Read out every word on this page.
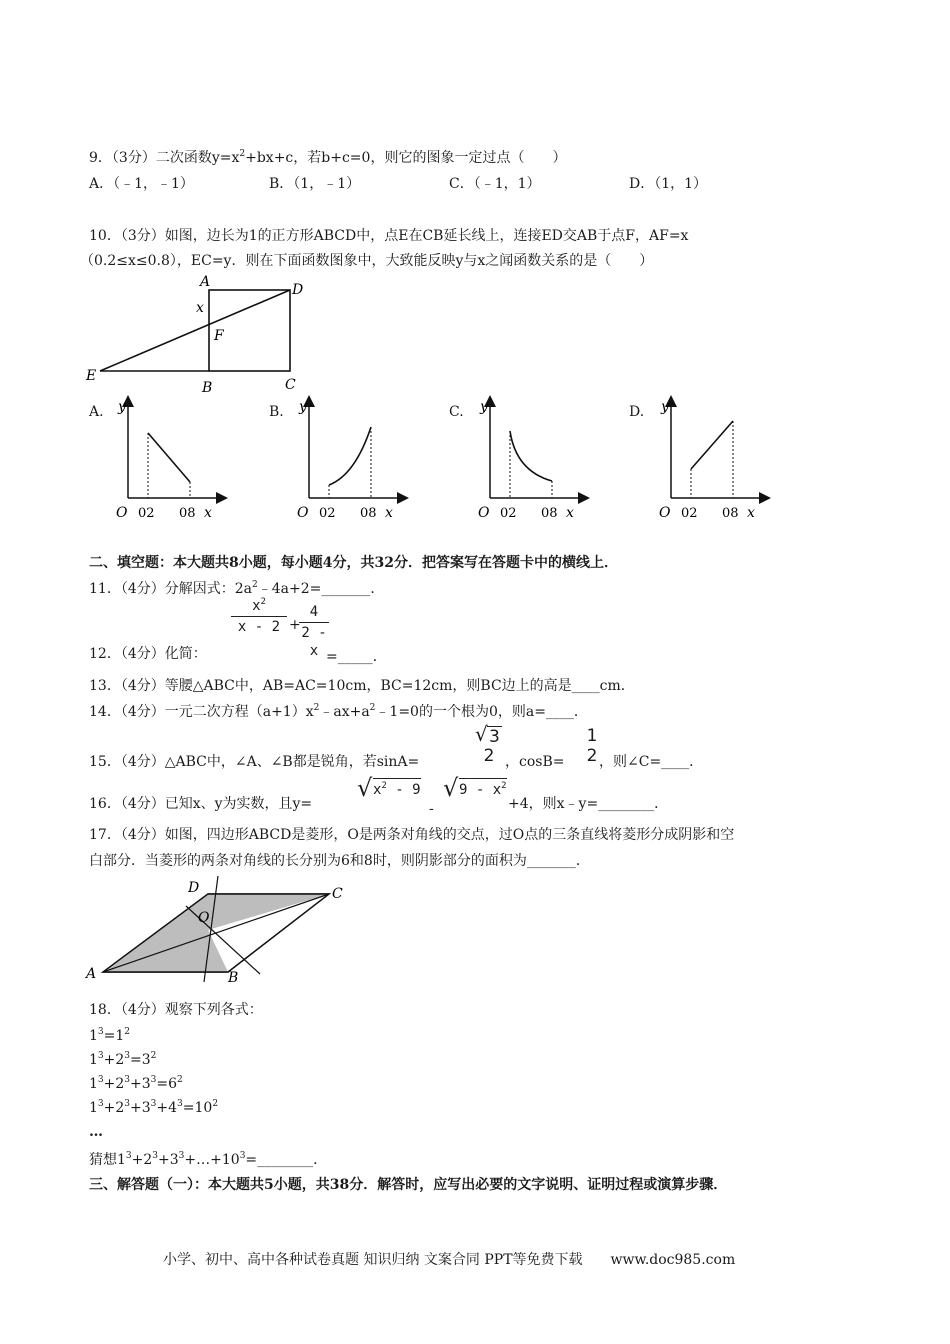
9．（3分）二次函数$y=x^2+bx+c$，若b+c=0，则它的图象一定过点（　　）
A．（﹣1，﹣1）	B．（1，﹣1）	C．（﹣1，1）	D．（1，1）
10．（3分）如图，边长为1的正方形ABCD中，点E在CB延长线上，连接ED交AB于点F，AF=x
（0.2≤x≤0.8），EC=y．则在下面函数图象中，大致能反映y与x之闻函数关系的是（　　）
A	D
x
F
E
B	C
A. y
O 02 08 x
B. y
O 02 08 x
C. y
O 02 08 x
D. y
O 02 08 x
二、填空题：本大题共8小题，每小题4分，共32分．把答案写在答题卡中的横线上．
11．（4分）分解因式：$2a^2﹣4a+2=\_\_\_\_\_\_\_$．
$x^2$
x - 2 +
4
2 - x
12．（4分）化简：	=_____．
13．（4分）等腰△ABC中，AB=AC=10cm，BC=12cm，则BC边上的高是____cm．
14．（4分）一元二次方程$(a+1)x^2﹣ax+a^2﹣1=0$的一个根为0，则a=____．
15．（4分）△ABC中，∠A、∠B都是锐角，若sinA=
√ 3
2 ，cosB=
1
2 ，则∠C=____．
16．（4分）已知x、y为实数，且y=
√ $x^2 - 9$
-
√ $9 - x^2$
+4，则x﹣y=________．
17．（4分）如图，四边形ABCD是菱形，O是两条对角线的交点，过O点的三条直线将菱形分成阴影和空
白部分．当菱形的两条对角线的长分别为6和8时，则阴影部分的面积为_______．
D	C
O
A	B
18．（4分）观察下列各式：
$1^3=1^2$
$1^3+2^3=3^2$
$1^3+2^3+3^3=6^2$
$1^3+2^3+3^3+4^3=10^2$
…
猜想$1^3+2^3+3^3+\dots+10^3=\_\_\_\_\_\_\_\_$．
三、解答题（一）：本大题共5小题，共38分．解答时，应写出必要的文字说明、证明过程或演算步骤．
小学、初中、高中各种试卷真题 知识归纳 文案合同 PPT等免费下载　　www.doc985.com
